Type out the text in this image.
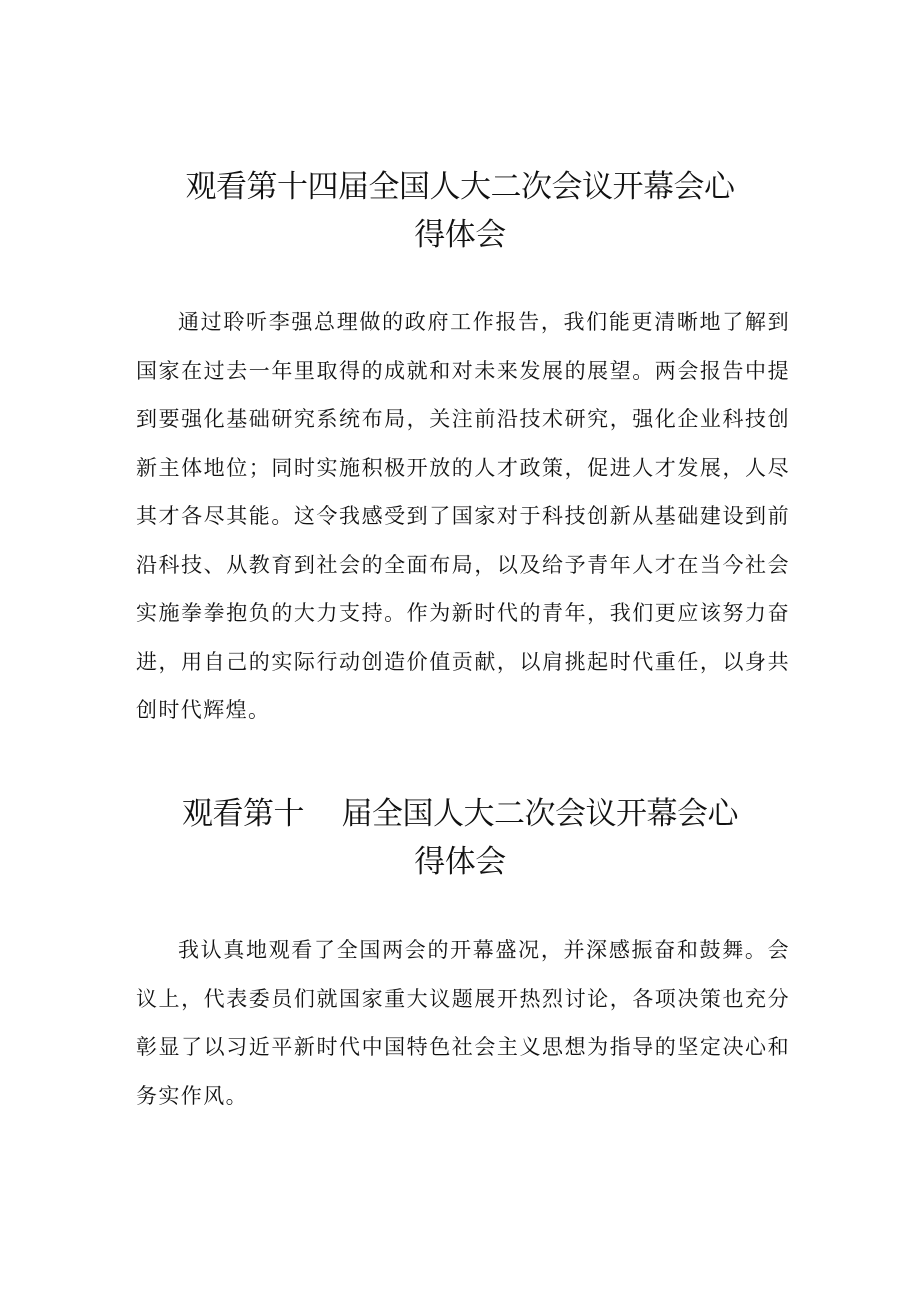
观看第十四届全国人大二次会议开幕会心
得体会

通过聆听李强总理做的政府工作报告，我们能更清晰地了解到国家在过去一年里取得的成就和对未来发展的展望。两会报告中提到要强化基础研究系统布局，关注前沿技术研究，强化企业科技创新主体地位；同时实施积极开放的人才政策，促进人才发展，人尽其才各尽其能。这令我感受到了国家对于科技创新从基础建设到前沿科技、从教育到社会的全面布局，以及给予青年人才在当今社会实施拳拳抱负的大力支持。作为新时代的青年，我们更应该努力奋进，用自己的实际行动创造价值贡献，以肩挑起时代重任，以身共创时代辉煌。

观看第十    届全国人大二次会议开幕会心
得体会

我认真地观看了全国两会的开幕盛况，并深感振奋和鼓舞。会议上，代表委员们就国家重大议题展开热烈讨论，各项决策也充分彰显了以习近平新时代中国特色社会主义思想为指导的坚定决心和务实作风。
